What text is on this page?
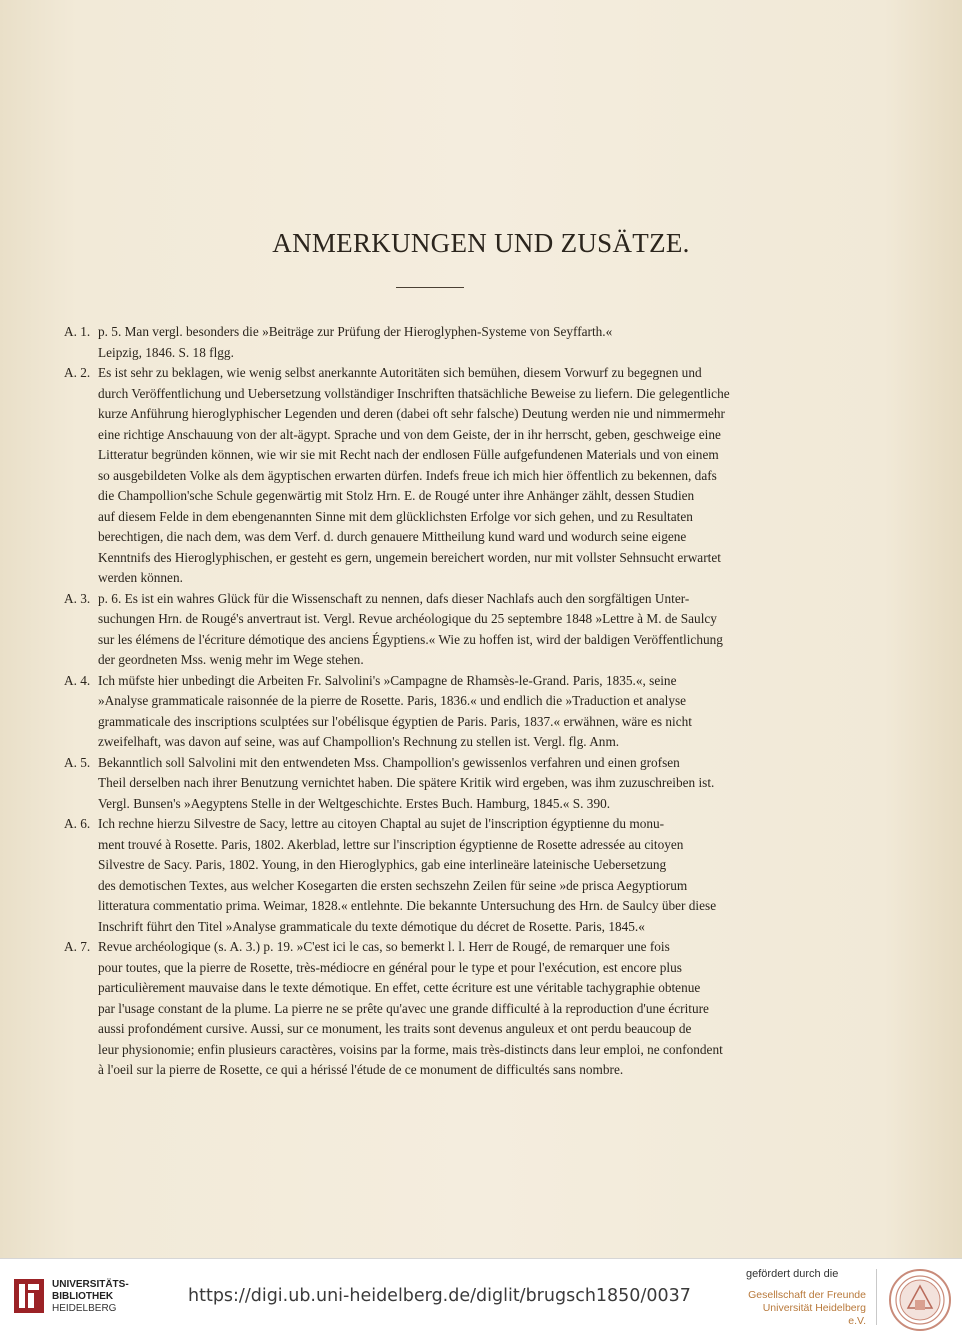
ANMERKUNGEN UND ZUSÄTZE.
A. 1. p. 5. Man vergl. besonders die »Beiträge zur Prüfung der Hieroglyphen-Systeme von Seyffarth.«
Leipzig, 1846. S. 18 flgg.
A. 2. Es ist sehr zu beklagen, wie wenig selbst anerkannte Autoritäten sich bemühen, diesem Vorwurf zu begegnen und
durch Veröffentlichung und Uebersetzung vollständiger Inschriften thatsächliche Beweise zu liefern. Die gelegentliche
kurze Anführung hieroglyphischer Legenden und deren (dabei oft sehr falsche) Deutung werden nie und nimmermehr
eine richtige Anschauung von der alt-ägypt. Sprache und von dem Geiste, der in ihr herrscht, geben, geschweige eine
Litteratur begründen können, wie wir sie mit Recht nach der endlosen Fülle aufgefundenen Materials und von einem
so ausgebildeten Volke als dem ägyptischen erwarten dürfen. Indefs freue ich mich hier öffentlich zu bekennen, dafs
die Champollion'sche Schule gegenwärtig mit Stolz Hrn. E. de Rougé unter ihre Anhänger zählt, dessen Studien
auf diesem Felde in dem ebengenannten Sinne mit dem glücklichsten Erfolge vor sich gehen, und zu Resultaten
berechtigen, die nach dem, was dem Verf. d. durch genauere Mittheilung kund ward und wodurch seine eigene
Kenntnifs des Hieroglyphischen, er gesteht es gern, ungemein bereichert worden, nur mit vollster Sehnsucht erwartet
werden können.
A. 3. p. 6. Es ist ein wahres Glück für die Wissenschaft zu nennen, dafs dieser Nachlafs auch den sorgfältigen Unter-
suchungen Hrn. de Rougé's anvertraut ist. Vergl. Revue archéologique du 25 septembre 1848 »Lettre à M. de Saulcy
sur les élémens de l'écriture démotique des anciens Égyptiens.« Wie zu hoffen ist, wird der baldigen Veröffentlichung
der geordneten Mss. wenig mehr im Wege stehen.
A. 4. Ich müfste hier unbedingt die Arbeiten Fr. Salvolini's »Campagne de Rhamsès-le-Grand. Paris, 1835.«, seine
»Analyse grammaticale raisonnée de la pierre de Rosette. Paris, 1836.« und endlich die »Traduction et analyse
grammaticale des inscriptions sculptées sur l'obélisque égyptien de Paris. Paris, 1837.« erwähnen, wäre es nicht
zweifelhaft, was davon auf seine, was auf Champollion's Rechnung zu stellen ist. Vergl. flg. Anm.
A. 5. Bekanntlich soll Salvolini mit den entwendeten Mss. Champollion's gewissenlos verfahren und einen grofsen
Theil derselben nach ihrer Benutzung vernichtet haben. Die spätere Kritik wird ergeben, was ihm zuzuschreiben ist.
Vergl. Bunsen's »Aegyptens Stelle in der Weltgeschichte. Erstes Buch. Hamburg, 1845.« S. 390.
A. 6. Ich rechne hierzu Silvestre de Sacy, lettre au citoyen Chaptal au sujet de l'inscription égyptienne du monu-
ment trouvé à Rosette. Paris, 1802. Akerblad, lettre sur l'inscription égyptienne de Rosette adressée au citoyen
Silvestre de Sacy. Paris, 1802. Young, in den Hieroglyphics, gab eine interlineäre lateinische Uebersetzung
des demotischen Textes, aus welcher Kosegarten die ersten sechszehn Zeilen für seine »de prisca Aegyptiorum
litteratura commentatio prima. Weimar, 1828.« entlehnte. Die bekannte Untersuchung des Hrn. de Saulcy über diese
Inschrift führt den Titel »Analyse grammaticale du texte démotique du décret de Rosette. Paris, 1845.«
A. 7. Revue archéologique (s. A. 3.) p. 19. »C'est ici le cas, so bemerkt l. l. Herr de Rougé, de remarquer une fois
pour toutes, que la pierre de Rosette, très-médiocre en général pour le type et pour l'exécution, est encore plus
particulièrement mauvaise dans le texte démotique. En effet, cette écriture est une véritable tachygraphie obtenue
par l'usage constant de la plume. La pierre ne se prête qu'avec une grande difficulté à la reproduction d'une écriture
aussi profondément cursive. Aussi, sur ce monument, les traits sont devenus anguleux et ont perdu beaucoup de
leur physionomie; enfin plusieurs caractères, voisins par la forme, mais très-distincts dans leur emploi, ne confondent
à l'oeil sur la pierre de Rosette, ce qui a hérissé l'étude de ce monument de difficultés sans nombre.
UNIVERSITÄTS-
BIBLIOTHEK
HEIDELBERG
https://digi.ub.uni-heidelberg.de/diglit/brugsch1850/0037
gefördert durch die
Gesellschaft der Freunde
Universität Heidelberg e.V.
